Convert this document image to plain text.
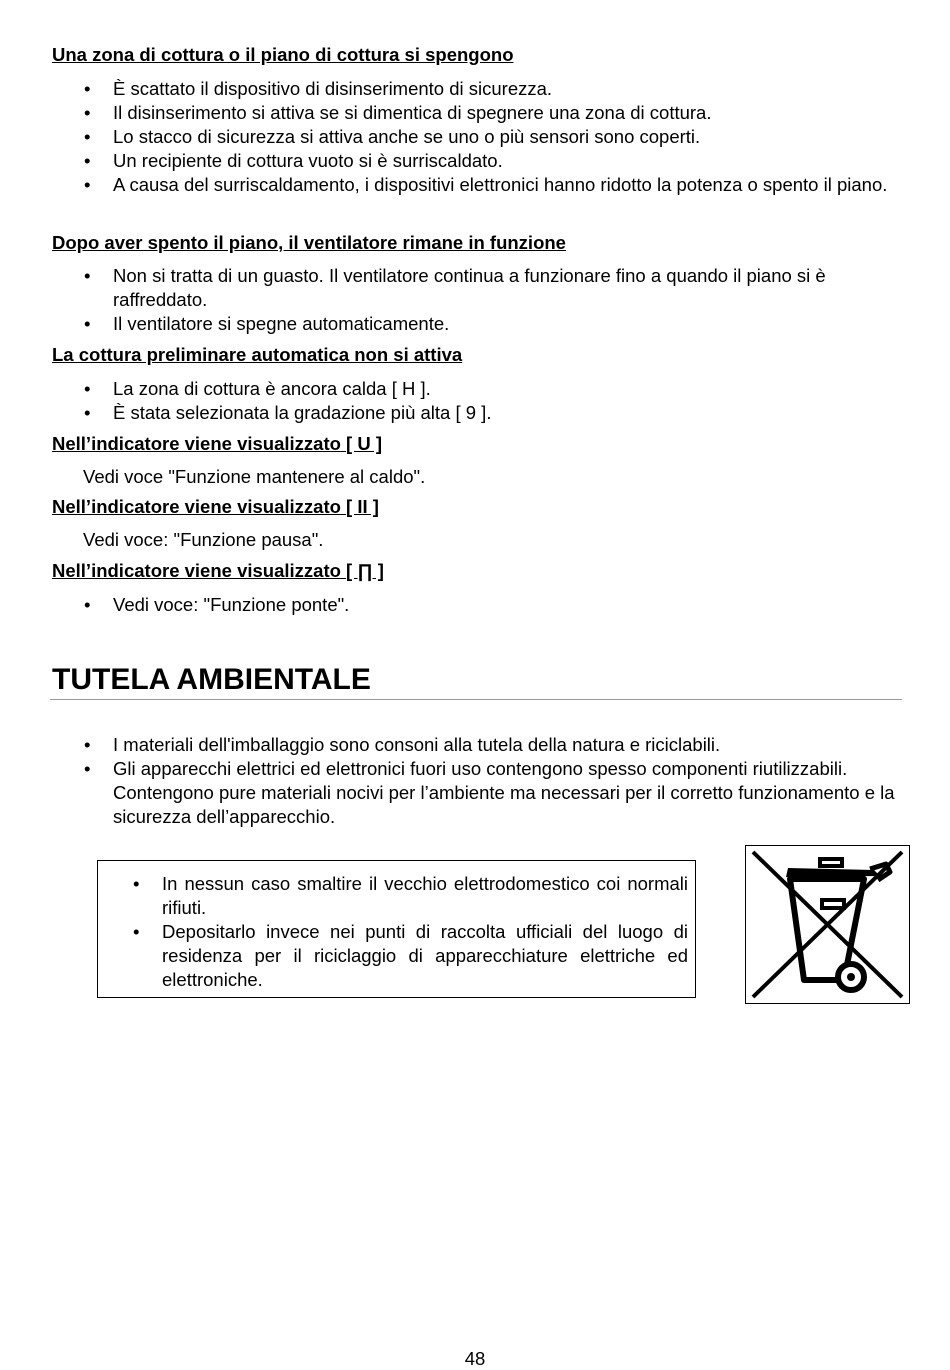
Una zona di cottura o il piano di cottura si spengono

• È scattato il dispositivo di disinserimento di sicurezza.
• Il disinserimento si attiva se si dimentica di spegnere una zona di cottura.
• Lo stacco di sicurezza si attiva anche se uno o più sensori sono coperti.
• Un recipiente di cottura vuoto si è surriscaldato.
• A causa del surriscaldamento, i dispositivi elettronici hanno ridotto la potenza o spento il piano.

Dopo aver spento il piano, il ventilatore rimane in funzione

• Non si tratta di un guasto. Il ventilatore continua a funzionare fino a quando il piano si è raffreddato.
• Il ventilatore si spegne automaticamente.

La cottura preliminare automatica non si attiva

• La zona di cottura è ancora calda [ H ].
• È stata selezionata la gradazione più alta [ 9 ].

Nell’indicatore viene visualizzato [ U ]

Vedi voce "Funzione mantenere al caldo".

Nell’indicatore viene visualizzato [ II ]

Vedi voce: "Funzione pausa".

Nell’indicatore viene visualizzato [ ∏ ]

• Vedi voce: "Funzione ponte".
TUTELA AMBIENTALE
• I materiali dell'imballaggio sono consoni alla tutela della natura e riciclabili.
• Gli apparecchi elettrici ed elettronici fuori uso contengono spesso componenti riutilizzabili. Contengono pure materiali nocivi per l’ambiente ma necessari per il corretto funzionamento e la sicurezza dell’apparecchio.
• In nessun caso smaltire il vecchio elettrodomestico coi normali rifiuti.
• Depositarlo invece nei punti di raccolta ufficiali del luogo di residenza per il riciclaggio di apparecchiature elettriche ed elettroniche.
48
